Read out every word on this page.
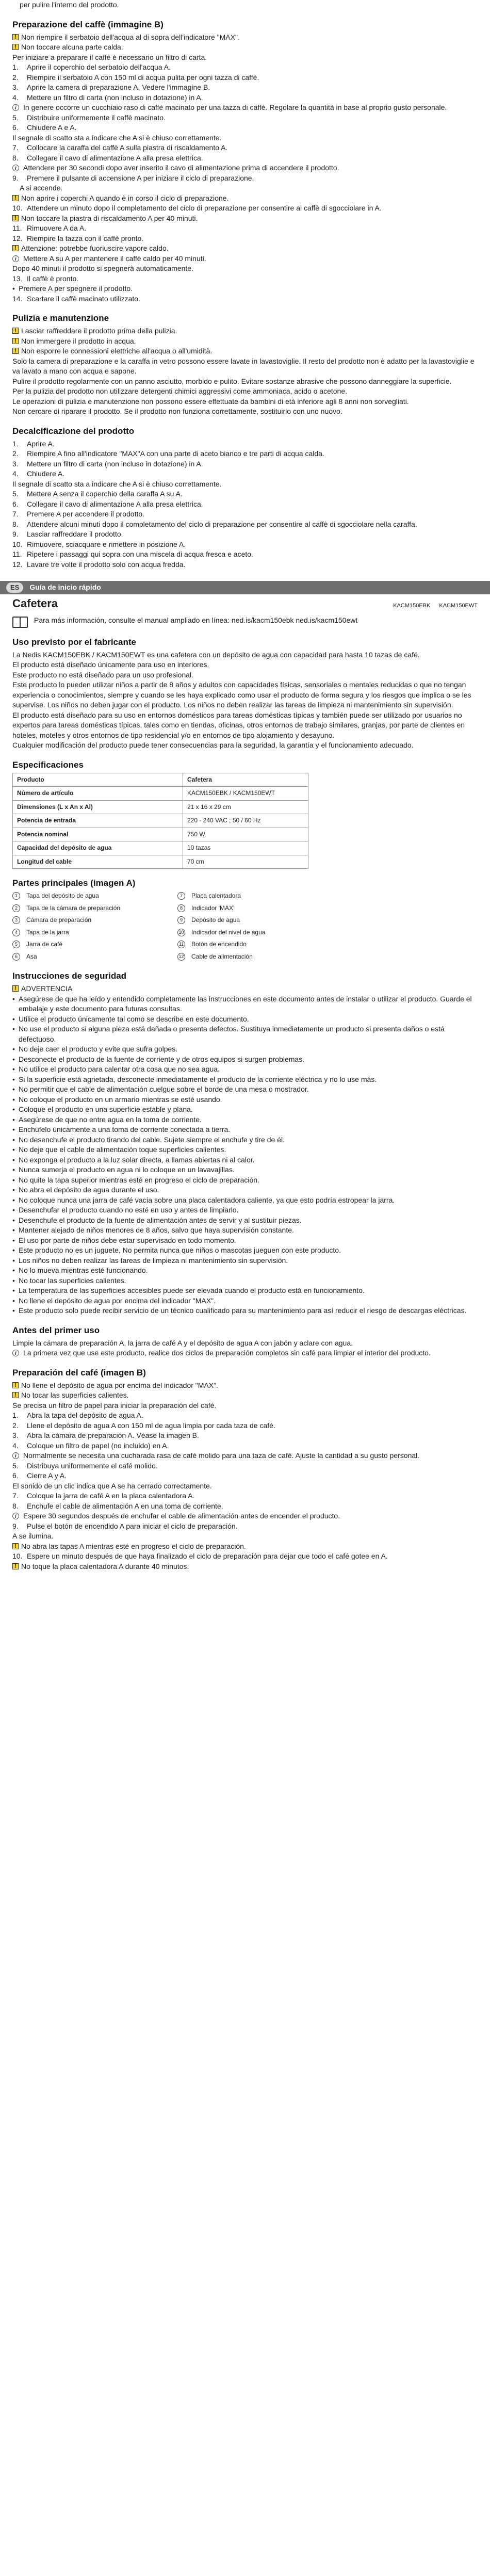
per pulire l'interno del prodotto.

Preparazione del caffè (immagine B)
!
Non riempire il serbatoio dell'acqua al di sopra dell'indicatore "MAX".
!
Non toccare alcuna parte calda.

Per iniziare a preparare il caffè è necessario un filtro di carta.

1.	Aprire il coperchio del serbatoio dell'acqua A.
2.	Riempire il serbatoio A con 150 ml di acqua pulita per ogni tazza di caffè.
3.	Aprire la camera di preparazione A. Vedere l'immagine B.
4.	Mettere un filtro di carta (non incluso in dotazione) in A.
i
In genere occorre un cucchiaio raso di caffè macinato per una tazza di caffè. Regolare la quantità in base al proprio gusto personale.
5.	Distribuire uniformemente il caffè macinato.
6.	Chiudere A e A.

Il segnale di scatto sta a indicare che A si è chiuso correttamente.

7.	Collocare la caraffa del caffè A sulla piastra di riscaldamento A.
8.	Collegare il cavo di alimentazione A alla presa elettrica.
i
Attendere per 30 secondi dopo aver inserito il cavo di alimentazione prima di accendere il prodotto.
9.	Premere il pulsante di accensione A per iniziare il ciclo di preparazione.

A si accende.

!
Non aprire i coperchi A quando è in corso il ciclo di preparazione.
10. Attendere un minuto dopo il completamento del ciclo di preparazione per consentire al caffè di sgocciolare in A.
!
Non toccare la piastra di riscaldamento A per 40 minuti.
11. Rimuovere A da A.
12. Riempire la tazza con il caffè pronto.
!
Attenzione: potrebbe fuoriuscire vapore caldo.
i
Mettere A su A per mantenere il caffè caldo per 40 minuti.

Dopo 40 minuti il prodotto si spegnerà automaticamente.

13. Il caffè è pronto.
• Premere A per spegnere il prodotto.
14. Scartare il caffè macinato utilizzato.
Pulizia e manutenzione
!
Lasciar raffreddare il prodotto prima della pulizia.
!
Non immergere il prodotto in acqua.
!
Non esporre le connessioni elettriche all'acqua o all'umidità.

Solo la camera di preparazione e la caraffa in vetro possono essere lavate in lavastoviglie. Il resto del prodotto non è adatto per la lavastoviglie e va lavato a mano con acqua e sapone.

Pulire il prodotto regolarmente con un panno asciutto, morbido e pulito. Evitare sostanze abrasive che possono danneggiare la superficie.

Per la pulizia del prodotto non utilizzare detergenti chimici aggressivi come ammoniaca, acido o acetone.

Le operazioni di pulizia e manutenzione non possono essere effettuate da bambini di età inferiore agli 8 anni non sorvegliati.

Non cercare di riparare il prodotto. Se il prodotto non funziona correttamente, sostituirlo con uno nuovo.

Decalcificazione del prodotto
1.	Aprire A.
2.	Riempire A fino all'indicatore "MAX"A con una parte di aceto bianco e tre parti di acqua calda.
3.	Mettere un filtro di carta (non incluso in dotazione) in A.
4.	Chiudere A.

Il segnale di scatto sta a indicare che A si è chiuso correttamente.

5.	Mettere A senza il coperchio della caraffa A su A.
6.	Collegare il cavo di alimentazione A alla presa elettrica.
7.	Premere A per accendere il prodotto.
8.	Attendere alcuni minuti dopo il completamento del ciclo di preparazione per consentire al caffè di sgocciolare nella caraffa.
9.	Lasciar raffreddare il prodotto.
10. Rimuovere, sciacquare e rimettere in posizione A.
11. Ripetere i passaggi qui sopra con una miscela di acqua fresca e aceto.
12. Lavare tre volte il prodotto solo con acqua fredda.
ES	Guía de inicio rápido
Cafetera	KACM150EBK KACM150EWT
Para más información, consulte el manual ampliado en línea: ned.is/kacm150ebk ned.is/kacm150ewt
Uso previsto por el fabricante

La Nedis KACM150EBK / KACM150EWT es una cafetera con un depósito de agua con capacidad para hasta 10 tazas de café.

El producto está diseñado únicamente para uso en interiores.

Este producto no está diseñado para un uso profesional.

Este producto lo pueden utilizar niños a partir de 8 años y adultos con capacidades físicas, sensoriales o mentales reducidas o que no tengan experiencia o conocimientos, siempre y cuando se les haya explicado como usar el producto de forma segura y los riesgos que implica o se les supervise. Los niños no deben jugar con el producto. Los niños no deben realizar las tareas de limpieza ni mantenimiento sin supervisión.

El producto está diseñado para su uso en entornos domésticos para tareas domésticas típicas y también puede ser utilizado por usuarios no expertos para tareas domésticas típicas, tales como en tiendas, oficinas, otros entornos de trabajo similares, granjas, por parte de clientes en hoteles, moteles y otros entornos de tipo residencial y/o en entornos de tipo alojamiento y desayuno.

Cualquier modificación del producto puede tener consecuencias para la seguridad, la garantía y el funcionamiento adecuado.

Especificaciones
Producto	Cafetera
Número de artículo	KACM150EBK / KACM150EWT
Dimensiones (L x An x Al)	21 x 16 x 29 cm
Potencia de entrada	220 - 240 VAC ; 50 / 60 Hz
Potencia nominal	750 W
Capacidad del depósito de agua	10 tazas
Longitud del cable	70 cm
Partes principales (imagen A)
1	Tapa del depósito de agua	7	Placa calentadora
2	Tapa de la cámara de preparación	8	Indicador 'MAX'
3	Cámara de preparación	9	Depósito de agua
4	Tapa de la jarra	10 Indicador del nivel de agua
5	Jarra de café	11 Botón de encendido
6	Asa	12 Cable de alimentación
Instrucciones de seguridad
!
ADVERTENCIA
• Asegúrese de que ha leído y entendido completamente las instrucciones en este documento antes de instalar o utilizar el producto. Guarde el embalaje y este documento para futuras consultas.
• Utilice el producto únicamente tal como se describe en este documento.
• No use el producto si alguna pieza está dañada o presenta defectos. Sustituya inmediatamente un producto si presenta daños o está defectuoso.
• No deje caer el producto y evite que sufra golpes.
• Desconecte el producto de la fuente de corriente y de otros equipos si surgen problemas.
• No utilice el producto para calentar otra cosa que no sea agua.
• Si la superficie está agrietada, desconecte inmediatamente el producto de la corriente eléctrica y no lo use más.
• No permitir que el cable de alimentación cuelgue sobre el borde de una mesa o mostrador.
• No coloque el producto en un armario mientras se esté usando.
• Coloque el producto en una superficie estable y plana.
• Asegúrese de que no entre agua en la toma de corriente.
• Enchúfelo únicamente a una toma de corriente conectada a tierra.
• No desenchufe el producto tirando del cable. Sujete siempre el enchufe y tire de él.
• No deje que el cable de alimentación toque superficies calientes.
• No exponga el producto a la luz solar directa, a llamas abiertas ni al calor.
• Nunca sumerja el producto en agua ni lo coloque en un lavavajillas.
• No quite la tapa superior mientras esté en progreso el ciclo de preparación.
• No abra el depósito de agua durante el uso.
• No coloque nunca una jarra de café vacía sobre una placa calentadora caliente, ya que esto podría estropear la jarra.
• Desenchufar el producto cuando no esté en uso y antes de limpiarlo.
• Desenchufe el producto de la fuente de alimentación antes de servir y al sustituir piezas.
• Mantener alejado de niños menores de 8 años, salvo que haya supervisión constante.
• El uso por parte de niños debe estar supervisado en todo momento.
• Este producto no es un juguete. No permita nunca que niños o mascotas jueguen con este producto.
• Los niños no deben realizar las tareas de limpieza ni mantenimiento sin supervisión.
• No lo mueva mientras esté funcionando.
• No tocar las superficies calientes.
• La temperatura de las superficies accesibles puede ser elevada cuando el producto está en funcionamiento.
• No llene el depósito de agua por encima del indicador "MAX".
• Este producto solo puede recibir servicio de un técnico cualificado para su mantenimiento para así reducir el riesgo de descargas eléctricas.
Antes del primer uso

Limpie la cámara de preparación A, la jarra de café A y el depósito de agua A con jabón y aclare con agua.

i
La primera vez que use este producto, realice dos ciclos de preparación completos sin café para limpiar el interior del producto.
Preparación del café (imagen B)
!
No llene el depósito de agua por encima del indicador "MAX".
!
No tocar las superficies calientes.

Se precisa un filtro de papel para iniciar la preparación del café.

1.	Abra la tapa del depósito de agua A.
2.	Llene el depósito de agua A con 150 ml de agua limpia por cada taza de café.
3.	Abra la cámara de preparación A. Véase la imagen B.
4.	Coloque un filtro de papel (no incluido) en A.
i
Normalmente se necesita una cucharada rasa de café molido para una taza de café. Ajuste la cantidad a su gusto personal.
5.	Distribuya uniformemente el café molido.
6.	Cierre A y A.

El sonido de un clic indica que A se ha cerrado correctamente.

7.	Coloque la jarra de café A en la placa calentadora A.
8.	Enchufe el cable de alimentación A en una toma de corriente.
i
Espere 30 segundos después de enchufar el cable de alimentación antes de encender el producto.
9.	Pulse el botón de encendido A para iniciar el ciclo de preparación.

A se ilumina.

!
No abra las tapas A mientras esté en progreso el ciclo de preparación.
10. Espere un minuto después de que haya finalizado el ciclo de preparación para dejar que todo el café gotee en A.
!
No toque la placa calentadora A durante 40 minutos.
